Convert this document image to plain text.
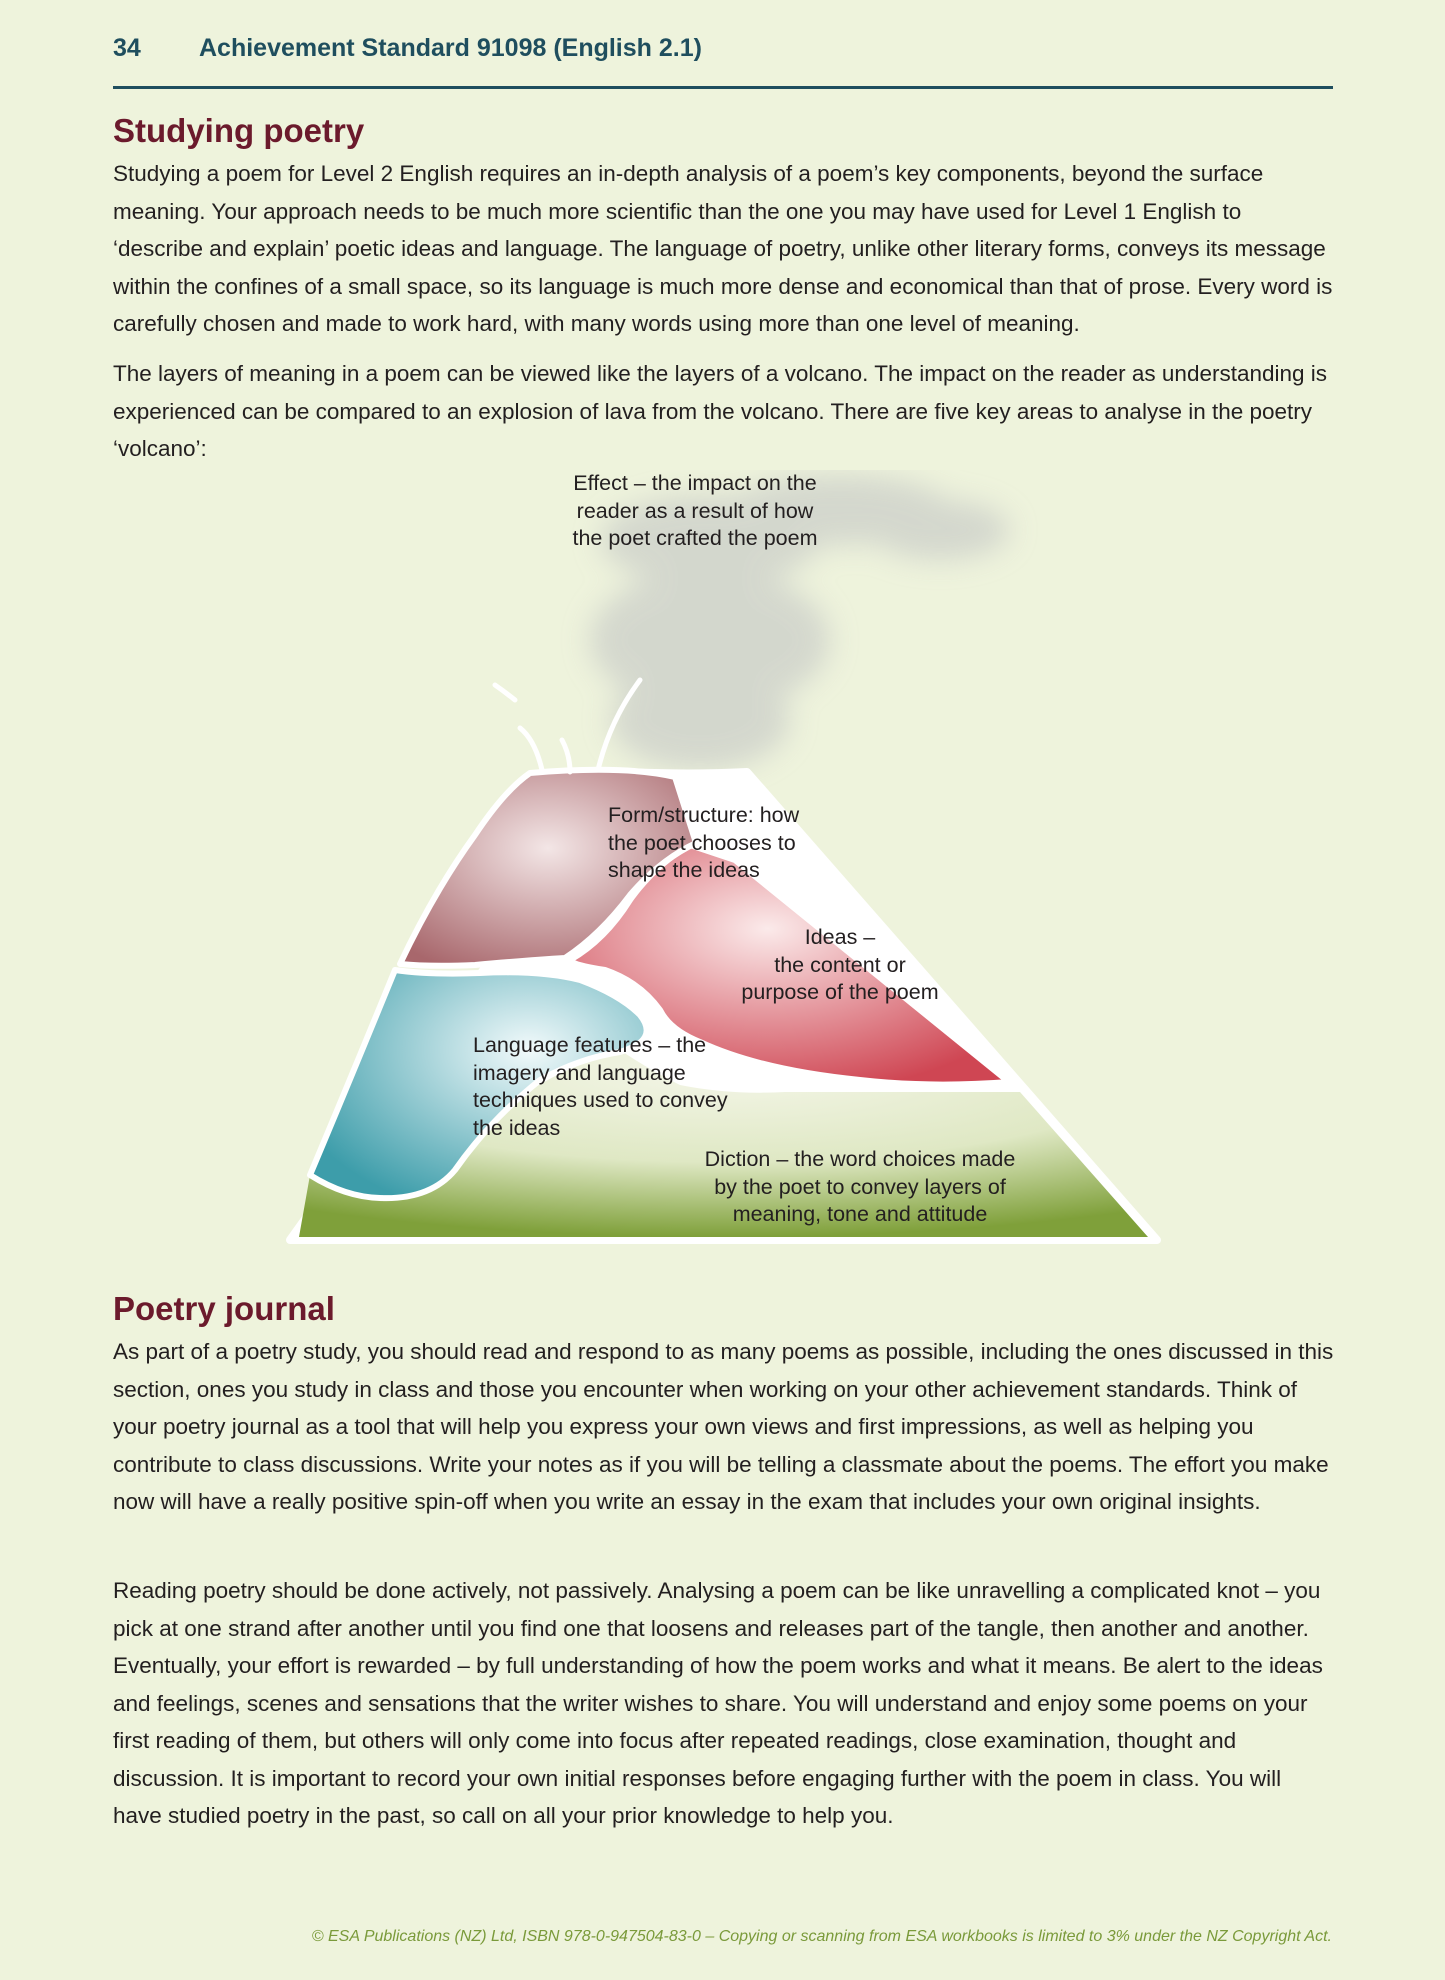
34	Achievement Standard 91098 (English 2.1)
Studying poetry

Studying a poem for Level 2 English requires an in-depth analysis of a poem’s key components, beyond the surface meaning. Your approach needs to be much more scientific than the one you may have used for Level 1 English to ‘describe and explain’ poetic ideas and language. The language of poetry, unlike other literary forms, conveys its message within the confines of a small space, so its language is much more dense and economical than that of prose. Every word is carefully chosen and made to work hard, with many words using more than one level of meaning.

The layers of meaning in a poem can be viewed like the layers of a volcano. The impact on the reader as understanding is experienced can be compared to an explosion of lava from the volcano. There are five key areas to analyse in the poetry ‘volcano’:

Effect – the impact on the
reader as a result of how
the poet crafted the poem
Form/structure: how
the poet chooses to
shape the ideas
Ideas –
the content or
purpose of the poem
Language features – the
imagery and language
techniques used to convey
the ideas
Diction – the word choices made
by the poet to convey layers of
meaning, tone and attitude
Poetry journal

As part of a poetry study, you should read and respond to as many poems as possible, including the ones discussed in this section, ones you study in class and those you encounter when working on your other achievement standards. Think of your poetry journal as a tool that will help you express your own views and first impressions, as well as helping you contribute to class discussions. Write your notes as if you will be telling a classmate about the poems. The effort you make now will have a really positive spin-off when you write an essay in the exam that includes your own original insights.

Reading poetry should be done actively, not passively. Analysing a poem can be like unravelling a complicated knot – you pick at one strand after another until you find one that loosens and releases part of the tangle, then another and another. Eventually, your effort is rewarded – by full understanding of how the poem works and what it means. Be alert to the ideas and feelings, scenes and sensations that the writer wishes to share. You will understand and enjoy some poems on your first reading of them, but others will only come into focus after repeated readings, close examination, thought and discussion. It is important to record your own initial responses before engaging further with the poem in class. You will have studied poetry in the past, so call on all your prior knowledge to help you.

© ESA Publications (NZ) Ltd, ISBN 978-0-947504-83-0 – Copying or scanning from ESA workbooks is limited to 3% under the NZ Copyright Act.
